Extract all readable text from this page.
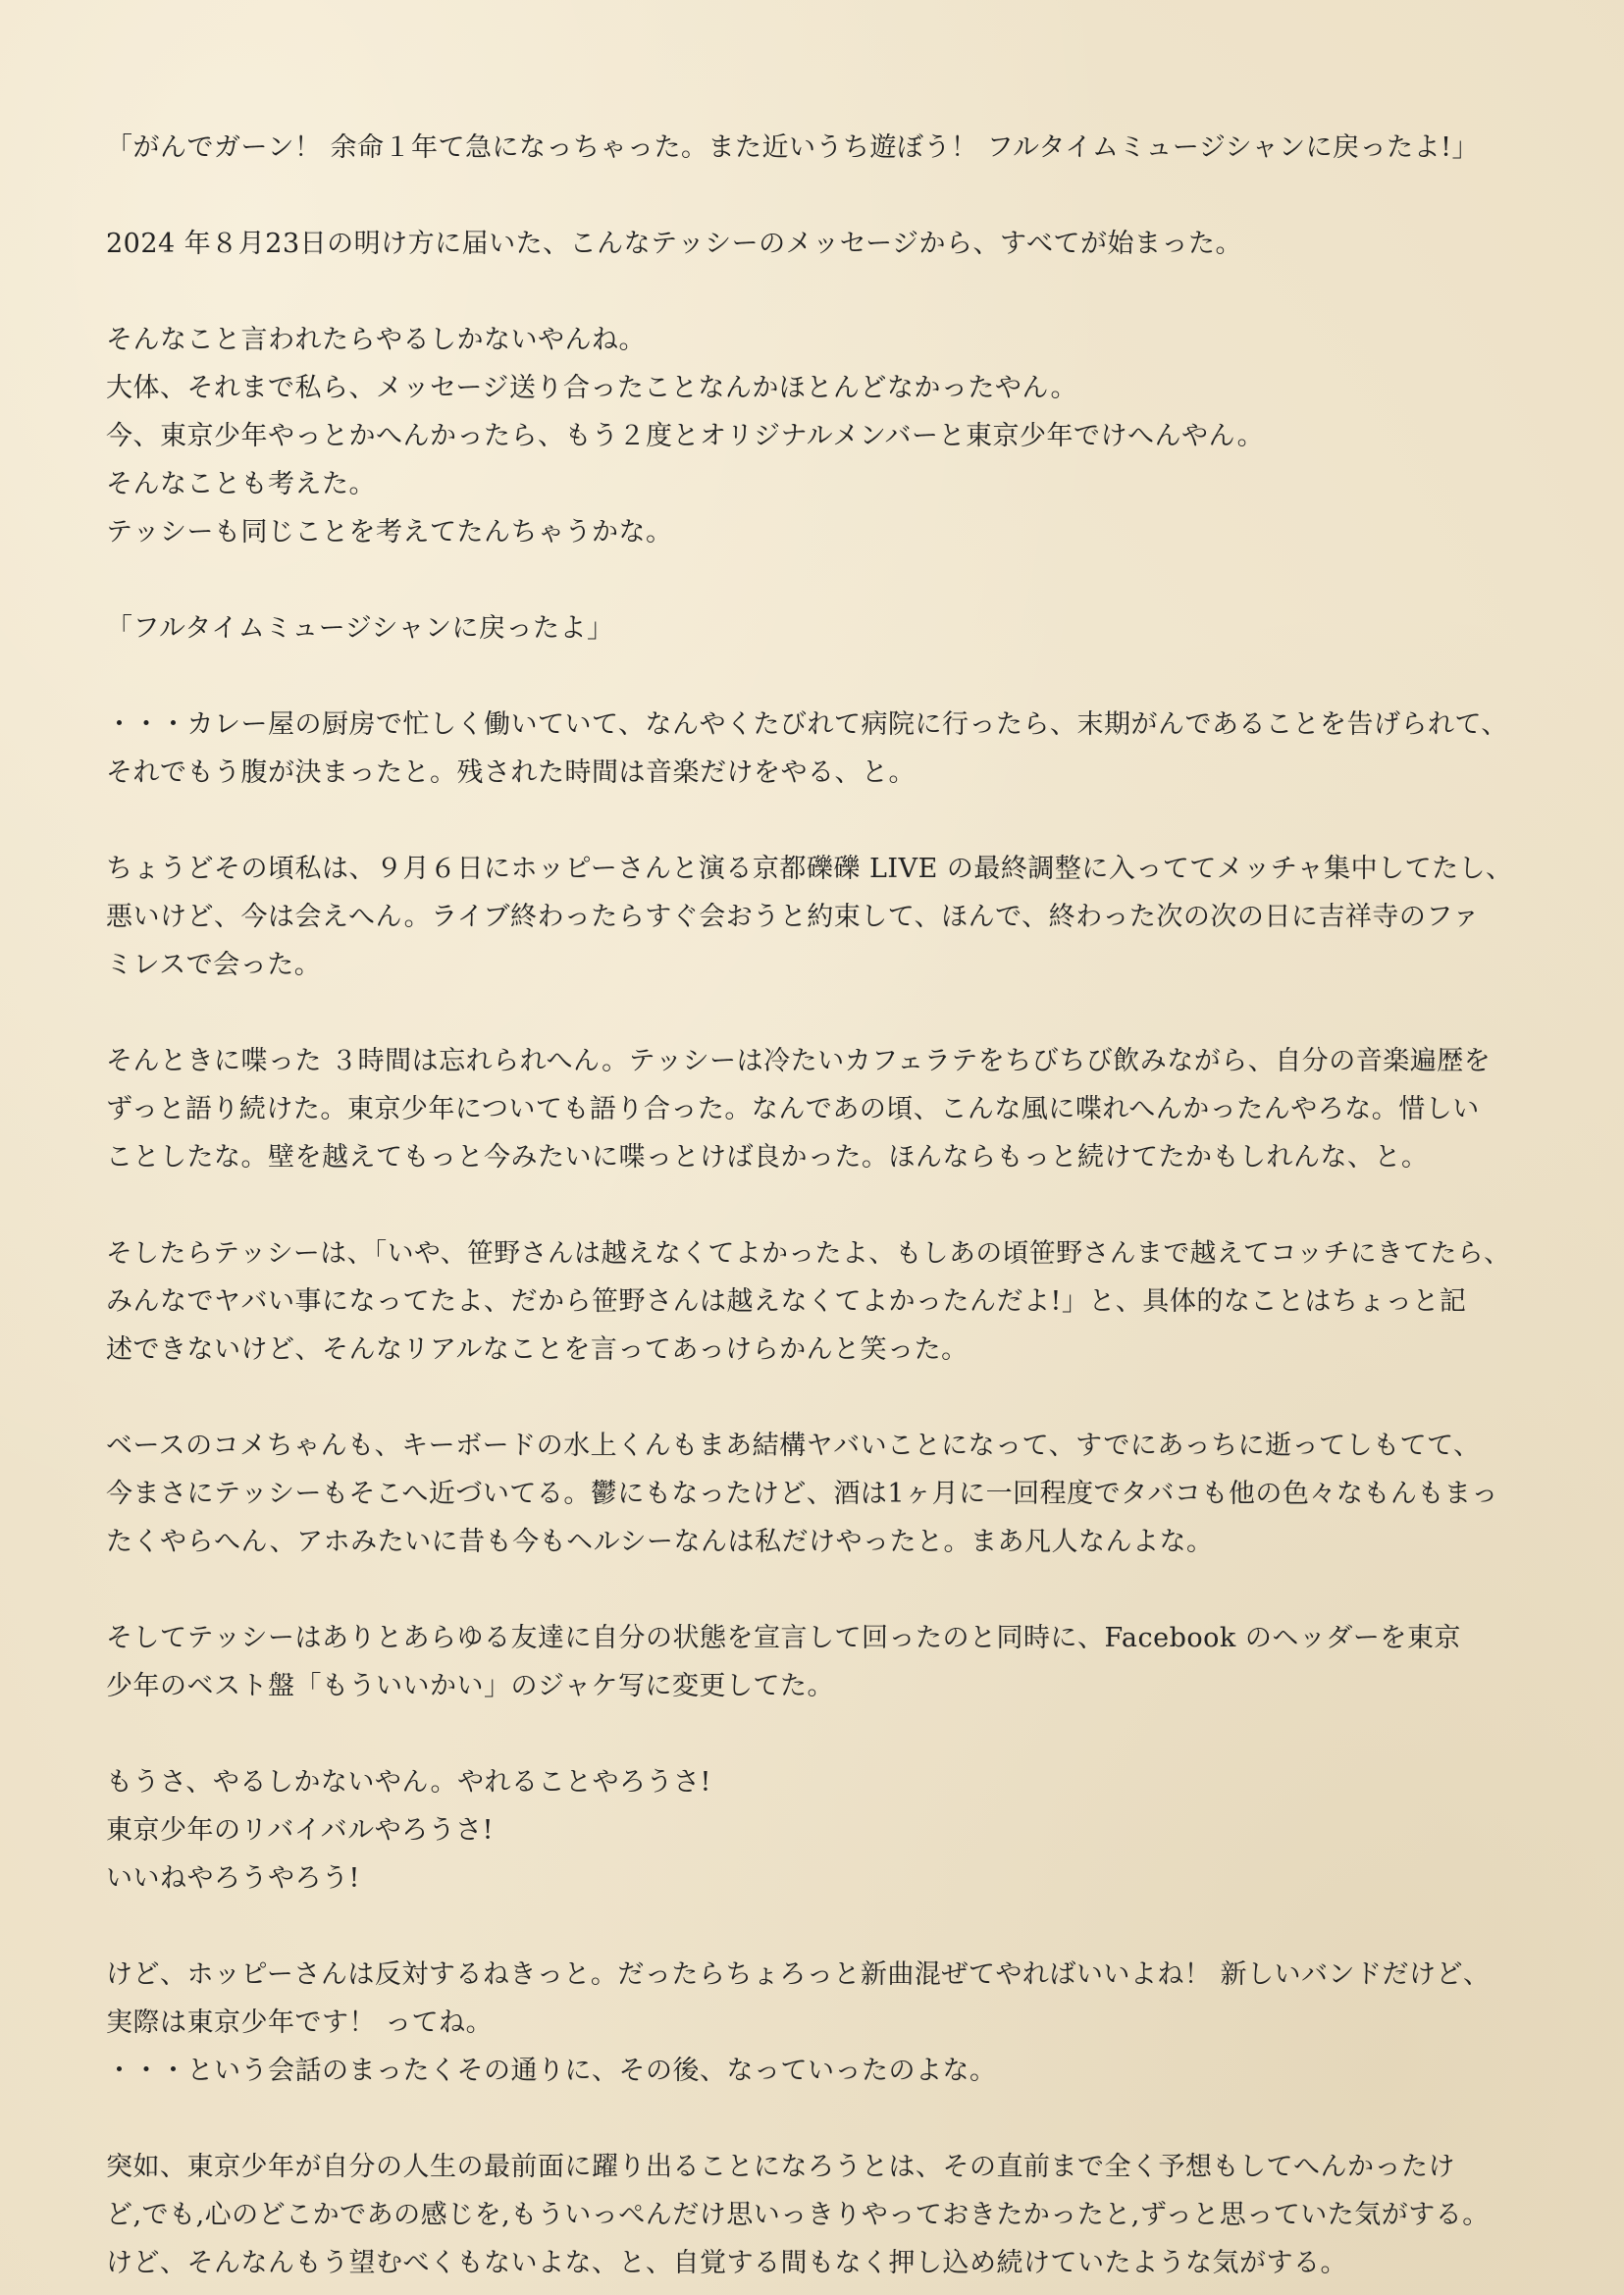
「がんでガーン！ 余命１年て急になっちゃった。また近いうち遊ぼう！ フルタイムミュージシャンに戻ったよ!」
2024 年８月23日の明け方に届いた、こんなテッシーのメッセージから、すべてが始まった。
そんなこと言われたらやるしかないやんね。
大体、それまで私ら、メッセージ送り合ったことなんかほとんどなかったやん。
今、東京少年やっとかへんかったら、もう２度とオリジナルメンバーと東京少年でけへんやん。
そんなことも考えた。
テッシーも同じことを考えてたんちゃうかな。
「フルタイムミュージシャンに戻ったよ」
・・・カレー屋の厨房で忙しく働いていて、なんやくたびれて病院に行ったら、末期がんであることを告げられて、
それでもう腹が決まったと。残された時間は音楽だけをやる、と。
ちょうどその頃私は、９月６日にホッピーさんと演る京都礫礫 LIVE の最終調整に入っててメッチャ集中してたし、
悪いけど、今は会えへん。ライブ終わったらすぐ会おうと約束して、ほんで、終わった次の次の日に吉祥寺のファ
ミレスで会った。
そんときに喋った ３時間は忘れられへん。テッシーは冷たいカフェラテをちびちび飲みながら、自分の音楽遍歴を
ずっと語り続けた。東京少年についても語り合った。なんであの頃、こんな風に喋れへんかったんやろな。惜しい
ことしたな。壁を越えてもっと今みたいに喋っとけば良かった。ほんならもっと続けてたかもしれんな、と。
そしたらテッシーは、「いや、笹野さんは越えなくてよかったよ、もしあの頃笹野さんまで越えてコッチにきてたら、
みんなでヤバい事になってたよ、だから笹野さんは越えなくてよかったんだよ!」と、具体的なことはちょっと記
述できないけど、そんなリアルなことを言ってあっけらかんと笑った。
ベースのコメちゃんも、キーボードの水上くんもまあ結構ヤバいことになって、すでにあっちに逝ってしもてて、
今まさにテッシーもそこへ近づいてる。鬱にもなったけど、酒は1ヶ月に一回程度でタバコも他の色々なもんもまっ
たくやらへん、アホみたいに昔も今もヘルシーなんは私だけやったと。まあ凡人なんよな。
そしてテッシーはありとあらゆる友達に自分の状態を宣言して回ったのと同時に、Facebook のヘッダーを東京
少年のベスト盤「もういいかい」のジャケ写に変更してた。
もうさ、やるしかないやん。やれることやろうさ!
東京少年のリバイバルやろうさ!
いいねやろうやろう!
けど、ホッピーさんは反対するねきっと。だったらちょろっと新曲混ぜてやればいいよね！ 新しいバンドだけど、
実際は東京少年です！ ってね。
・・・という会話のまったくその通りに、その後、なっていったのよな。
突如、東京少年が自分の人生の最前面に躍り出ることになろうとは、その直前まで全く予想もしてへんかったけ
ど,でも,心のどこかであの感じを,もういっぺんだけ思いっきりやっておきたかったと,ずっと思っていた気がする。
けど、そんなんもう望むべくもないよな、と、自覚する間もなく押し込め続けていたような気がする。
